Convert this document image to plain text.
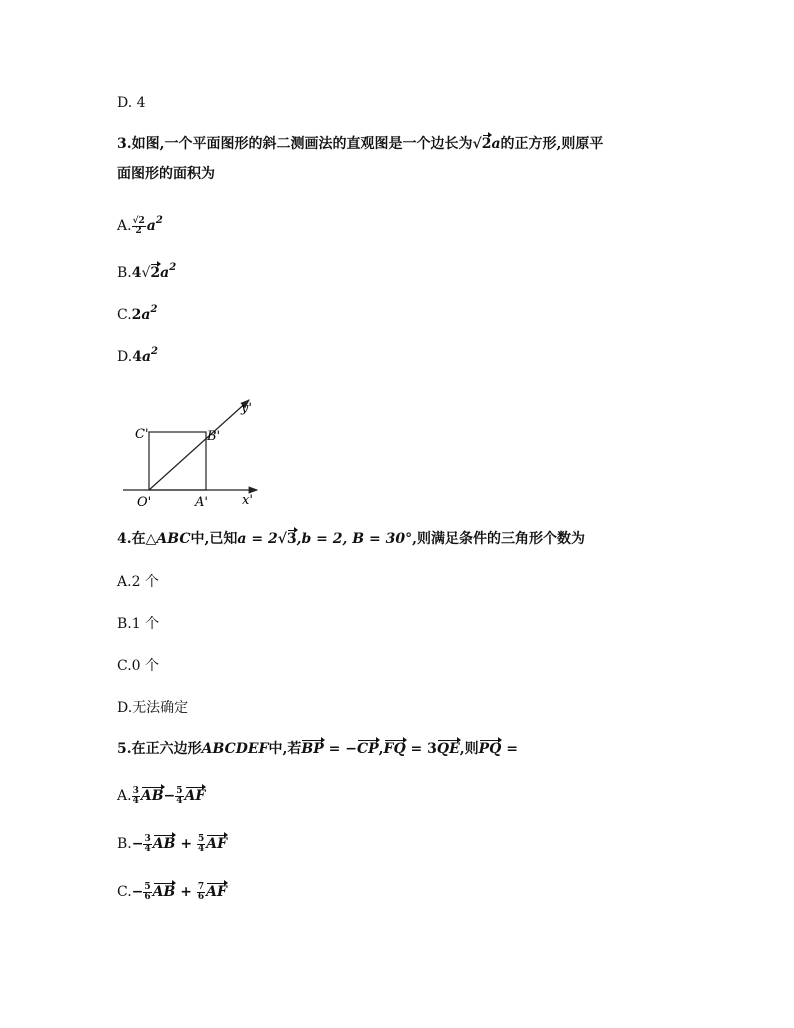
D. 4
3.如图,一个平面图形的斜二测画法的直观图是一个边长为√2a的正方形,则原平
面图形的面积为
A. $\frac{√2}{2} a^2$
$B.4√2a^2$
$C.2a^2$
$D.4a^2$
C'	B'
O'	A'	x'
y'
4.在△ABC中,已知a = 2√3,b = 2, B = 30°,则满足条件的三角形个数为
A.2 个
B.1 个
C.0 个
D.无法确定
5.在正六边形ABCDEF中,若BP = −CP,FQ = 3QE,则PQ =
A. $\frac{3}{4} AB- \frac{5}{4}$ AF
$B.- \frac{3}{4}$ AB + $\frac{5}{4}$ AF
$C.- \frac{5}{6}$ AB + $\frac{7}{6}$ AF
